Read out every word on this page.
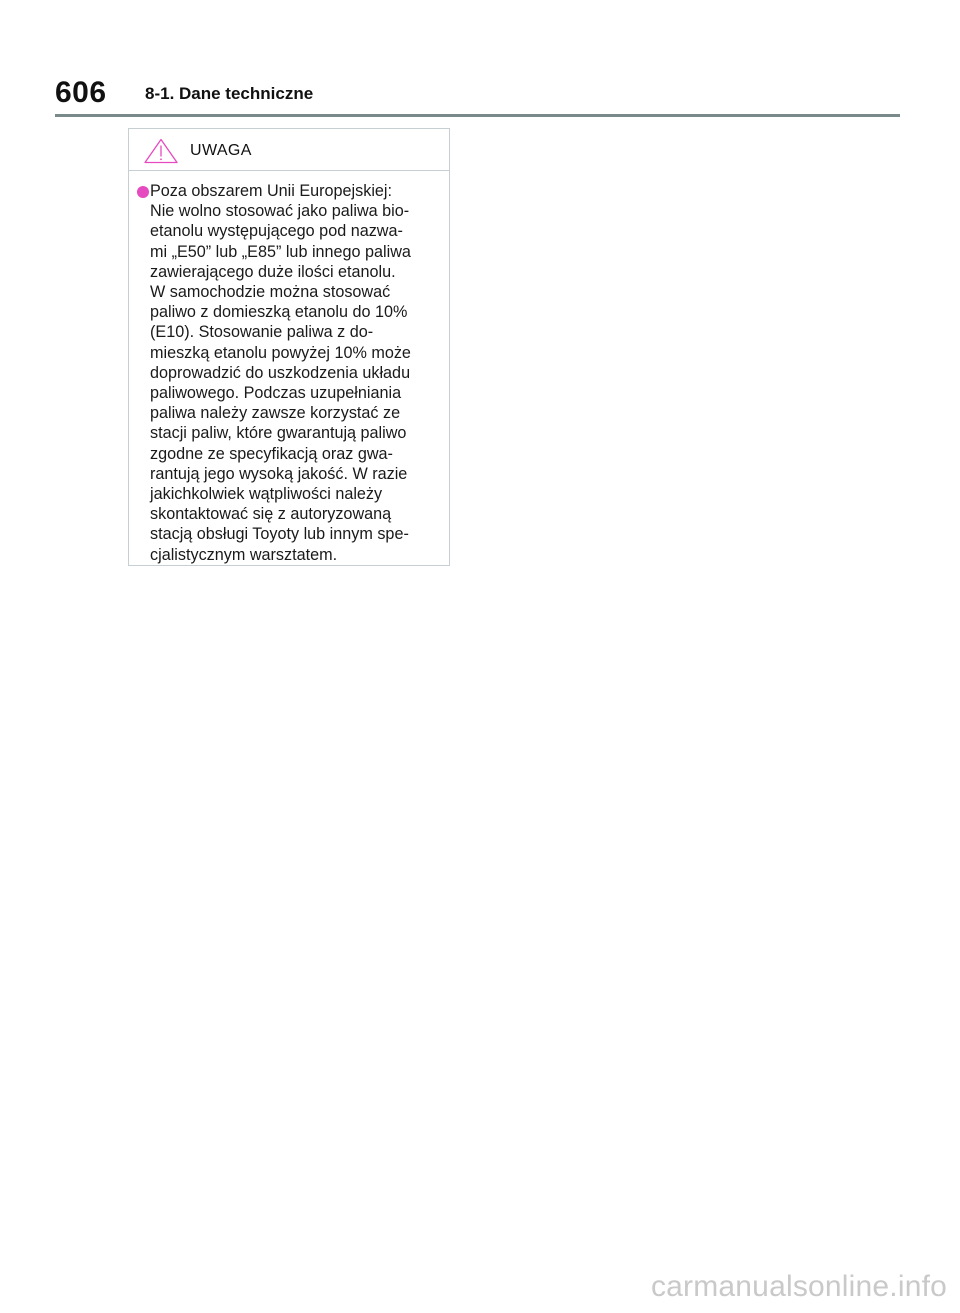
606 8-1. Dane techniczne
UWAGA
Poza obszarem Unii Europejskiej:
Nie wolno stosować jako paliwa bio-
etanolu występującego pod nazwa-
mi „E50” lub „E85” lub innego paliwa
zawierającego duże ilości etanolu.
W samochodzie można stosować
paliwo z domieszką etanolu do 10%
(E10). Stosowanie paliwa z do-
mieszką etanolu powyżej 10% może
doprowadzić do uszkodzenia układu
paliwowego. Podczas uzupełniania
paliwa należy zawsze korzystać ze
stacji paliw, które gwarantują paliwo
zgodne ze specyfikacją oraz gwa-
rantują jego wysoką jakość. W razie
jakichkolwiek wątpliwości należy
skontaktować się z autoryzowaną
stacją obsługi Toyoty lub innym spe-
cjalistycznym warsztatem.
carmanualsonline.info
